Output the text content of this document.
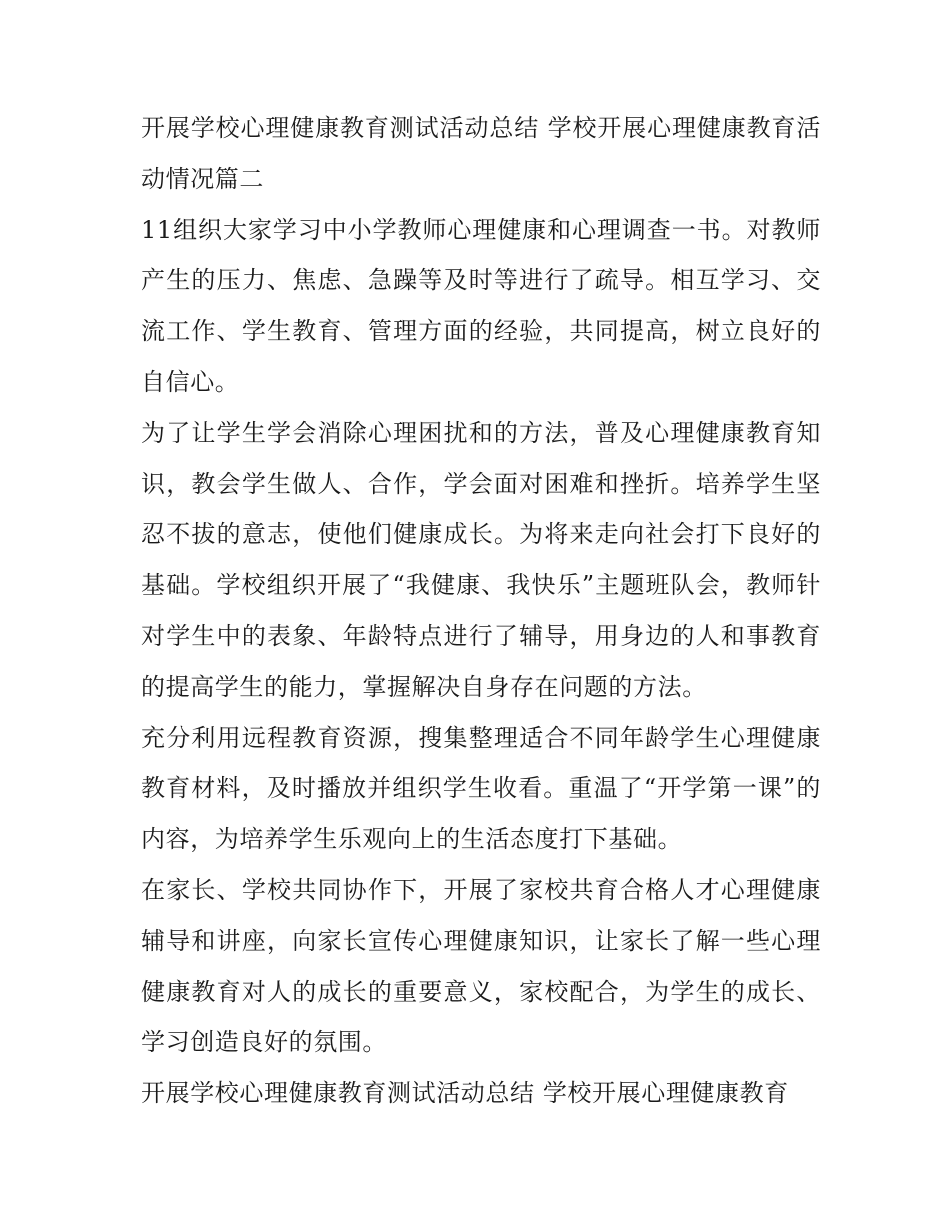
开展学校心理健康教育测试活动总结 学校开展心理健康教育活动情况篇二

11组织大家学习中小学教师心理健康和心理调查一书。对教师产生的压力、焦虑、急躁等及时等进行了疏导。相互学习、交流工作、学生教育、管理方面的经验，共同提高，树立良好的自信心。

为了让学生学会消除心理困扰和的方法，普及心理健康教育知识，教会学生做人、合作，学会面对困难和挫折。培养学生坚忍不拔的意志，使他们健康成长。为将来走向社会打下良好的基础。学校组织开展了“我健康、我快乐”主题班队会，教师针对学生中的表象、年龄特点进行了辅导，用身边的人和事教育的提高学生的能力，掌握解决自身存在问题的方法。

充分利用远程教育资源，搜集整理适合不同年龄学生心理健康教育材料，及时播放并组织学生收看。重温了“开学第一课”的内容，为培养学生乐观向上的生活态度打下基础。

在家长、学校共同协作下，开展了家校共育合格人才心理健康辅导和讲座，向家长宣传心理健康知识，让家长了解一些心理健康教育对人的成长的重要意义，家校配合，为学生的成长、学习创造良好的氛围。

开展学校心理健康教育测试活动总结 学校开展心理健康教育
